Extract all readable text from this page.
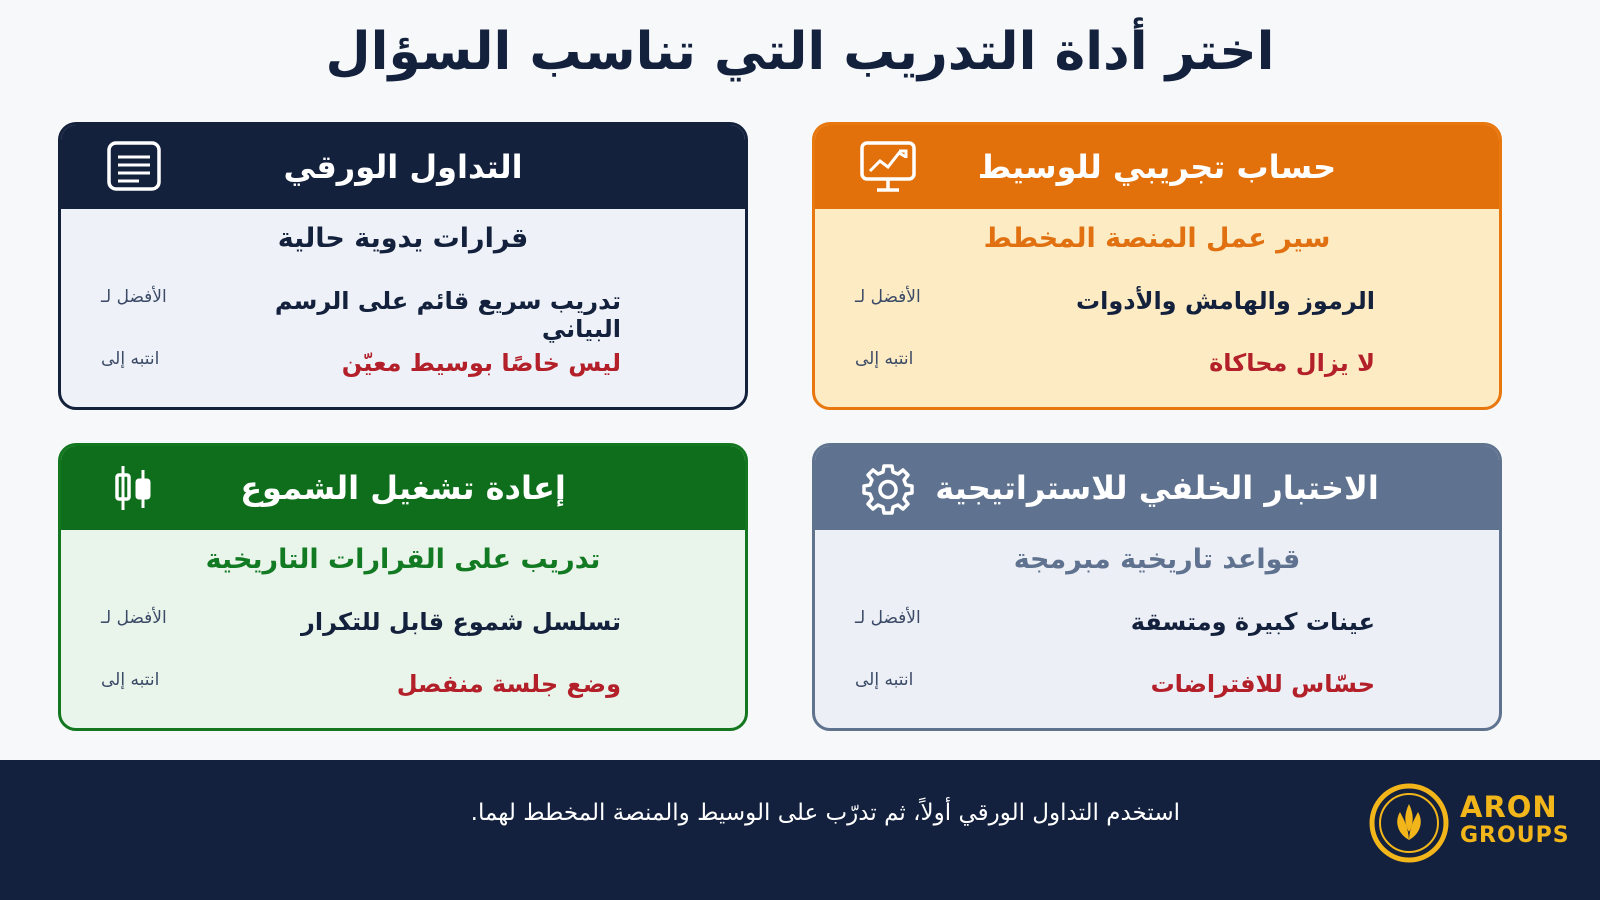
اختر أداة التدريب التي تناسب السؤال
التداول الورقي
قرارات يدوية حالية
الأفضل لـ	تدريب سريع قائم على الرسم البياني
انتبه إلى	ليس خاصًا بوسيط معيّن
حساب تجريبي للوسيط
سير عمل المنصة المخطط
الأفضل لـ	الرموز والهامش والأدوات
انتبه إلى	لا يزال محاكاة
إعادة تشغيل الشموع
تدريب على القرارات التاريخية
الأفضل لـ	تسلسل شموع قابل للتكرار
انتبه إلى	وضع جلسة منفصل
الاختبار الخلفي للاستراتيجية
قواعد تاريخية مبرمجة
الأفضل لـ	عينات كبيرة ومتسقة
انتبه إلى	حسّاس للافتراضات
استخدم التداول الورقي أولاً، ثم تدرّب على الوسيط والمنصة المخطط لهما.	ARON
GROUPS
